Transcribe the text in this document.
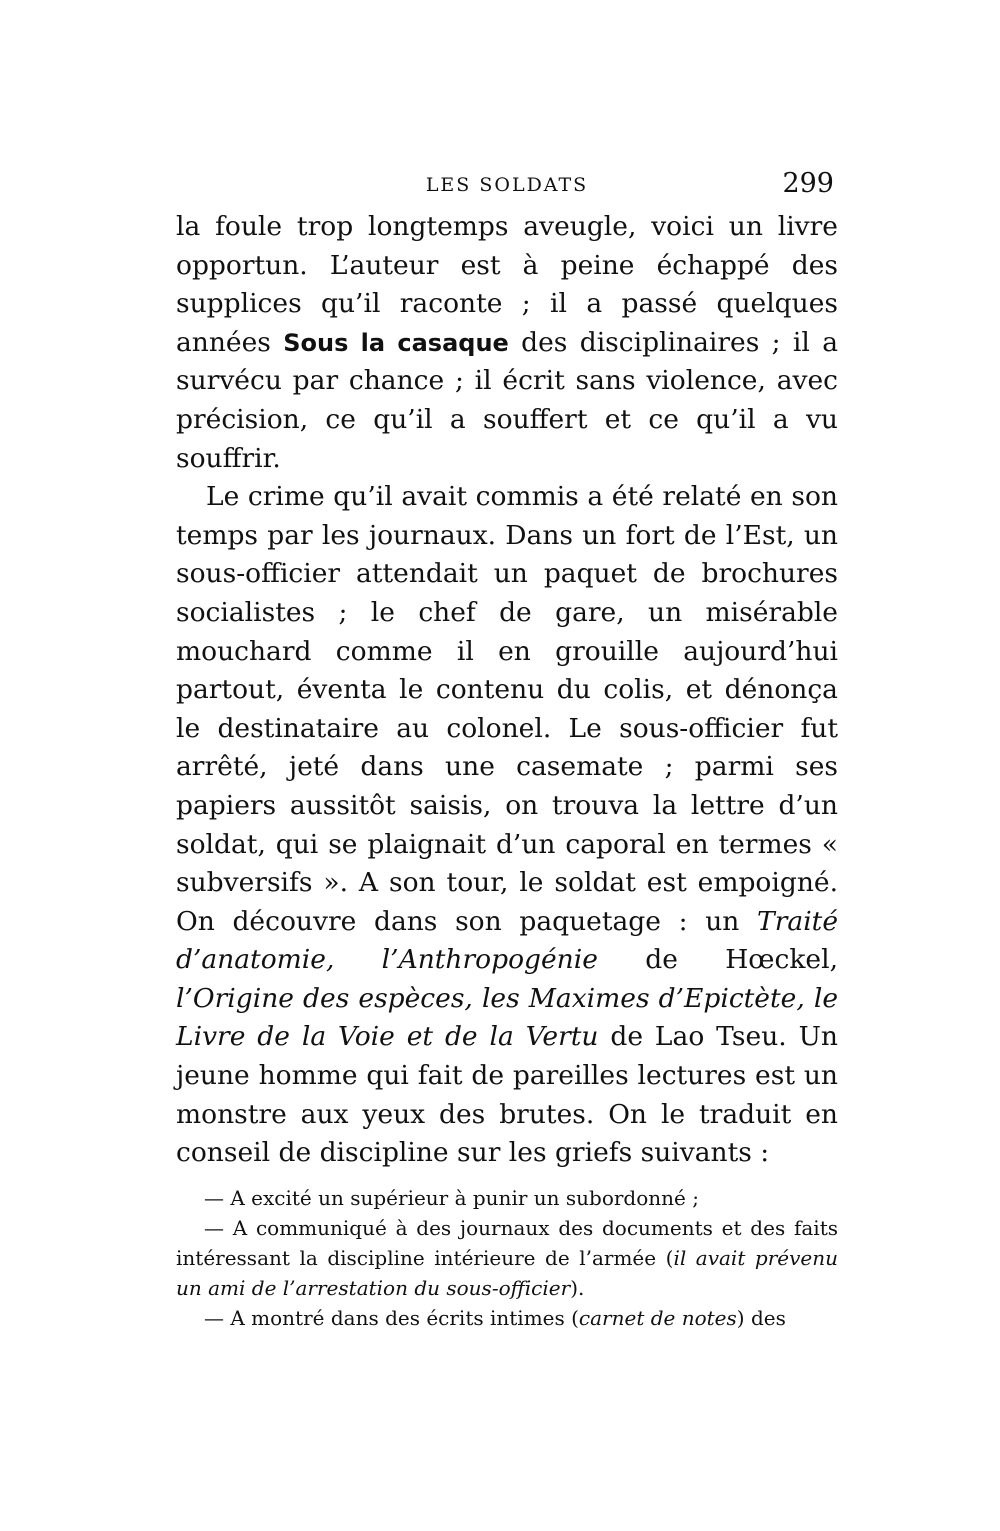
LES SOLDATS	299

la foule trop longtemps aveugle, voici un livre opportun. L’auteur est à peine échappé des supplices qu’il raconte ; il a passé quelques années Sous la casaque des disciplinaires ; il a survécu par chance ; il écrit sans violence, avec précision, ce qu’il a souffert et ce qu’il a vu souffrir.

Le crime qu’il avait commis a été relaté en son temps par les journaux. Dans un fort de l’Est, un sous-officier attendait un paquet de brochures socialistes ; le chef de gare, un misérable mouchard comme il en grouille aujourd’hui partout, éventa le contenu du colis, et dénonça le destinataire au colonel. Le sous-officier fut arrêté, jeté dans une casemate ; parmi ses papiers aussitôt saisis, on trouva la lettre d’un soldat, qui se plaignait d’un caporal en termes « subversifs ». A son tour, le soldat est empoigné. On découvre dans son paquetage : un Traité d’anatomie, l’Anthropogénie de Hœckel, l’Origine des espèces, les Maximes d’Epictète, le Livre de la Voie et de la Vertu de Lao Tseu. Un jeune homme qui fait de pareilles lectures est un monstre aux yeux des brutes. On le traduit en conseil de discipline sur les griefs suivants :

— A excité un supérieur à punir un subordonné ;

— A communiqué à des journaux des documents et des faits intéressant la discipline intérieure de l’armée (il avait prévenu un ami de l’arrestation du sous-officier).

— A montré dans des écrits intimes (carnet de notes) des
